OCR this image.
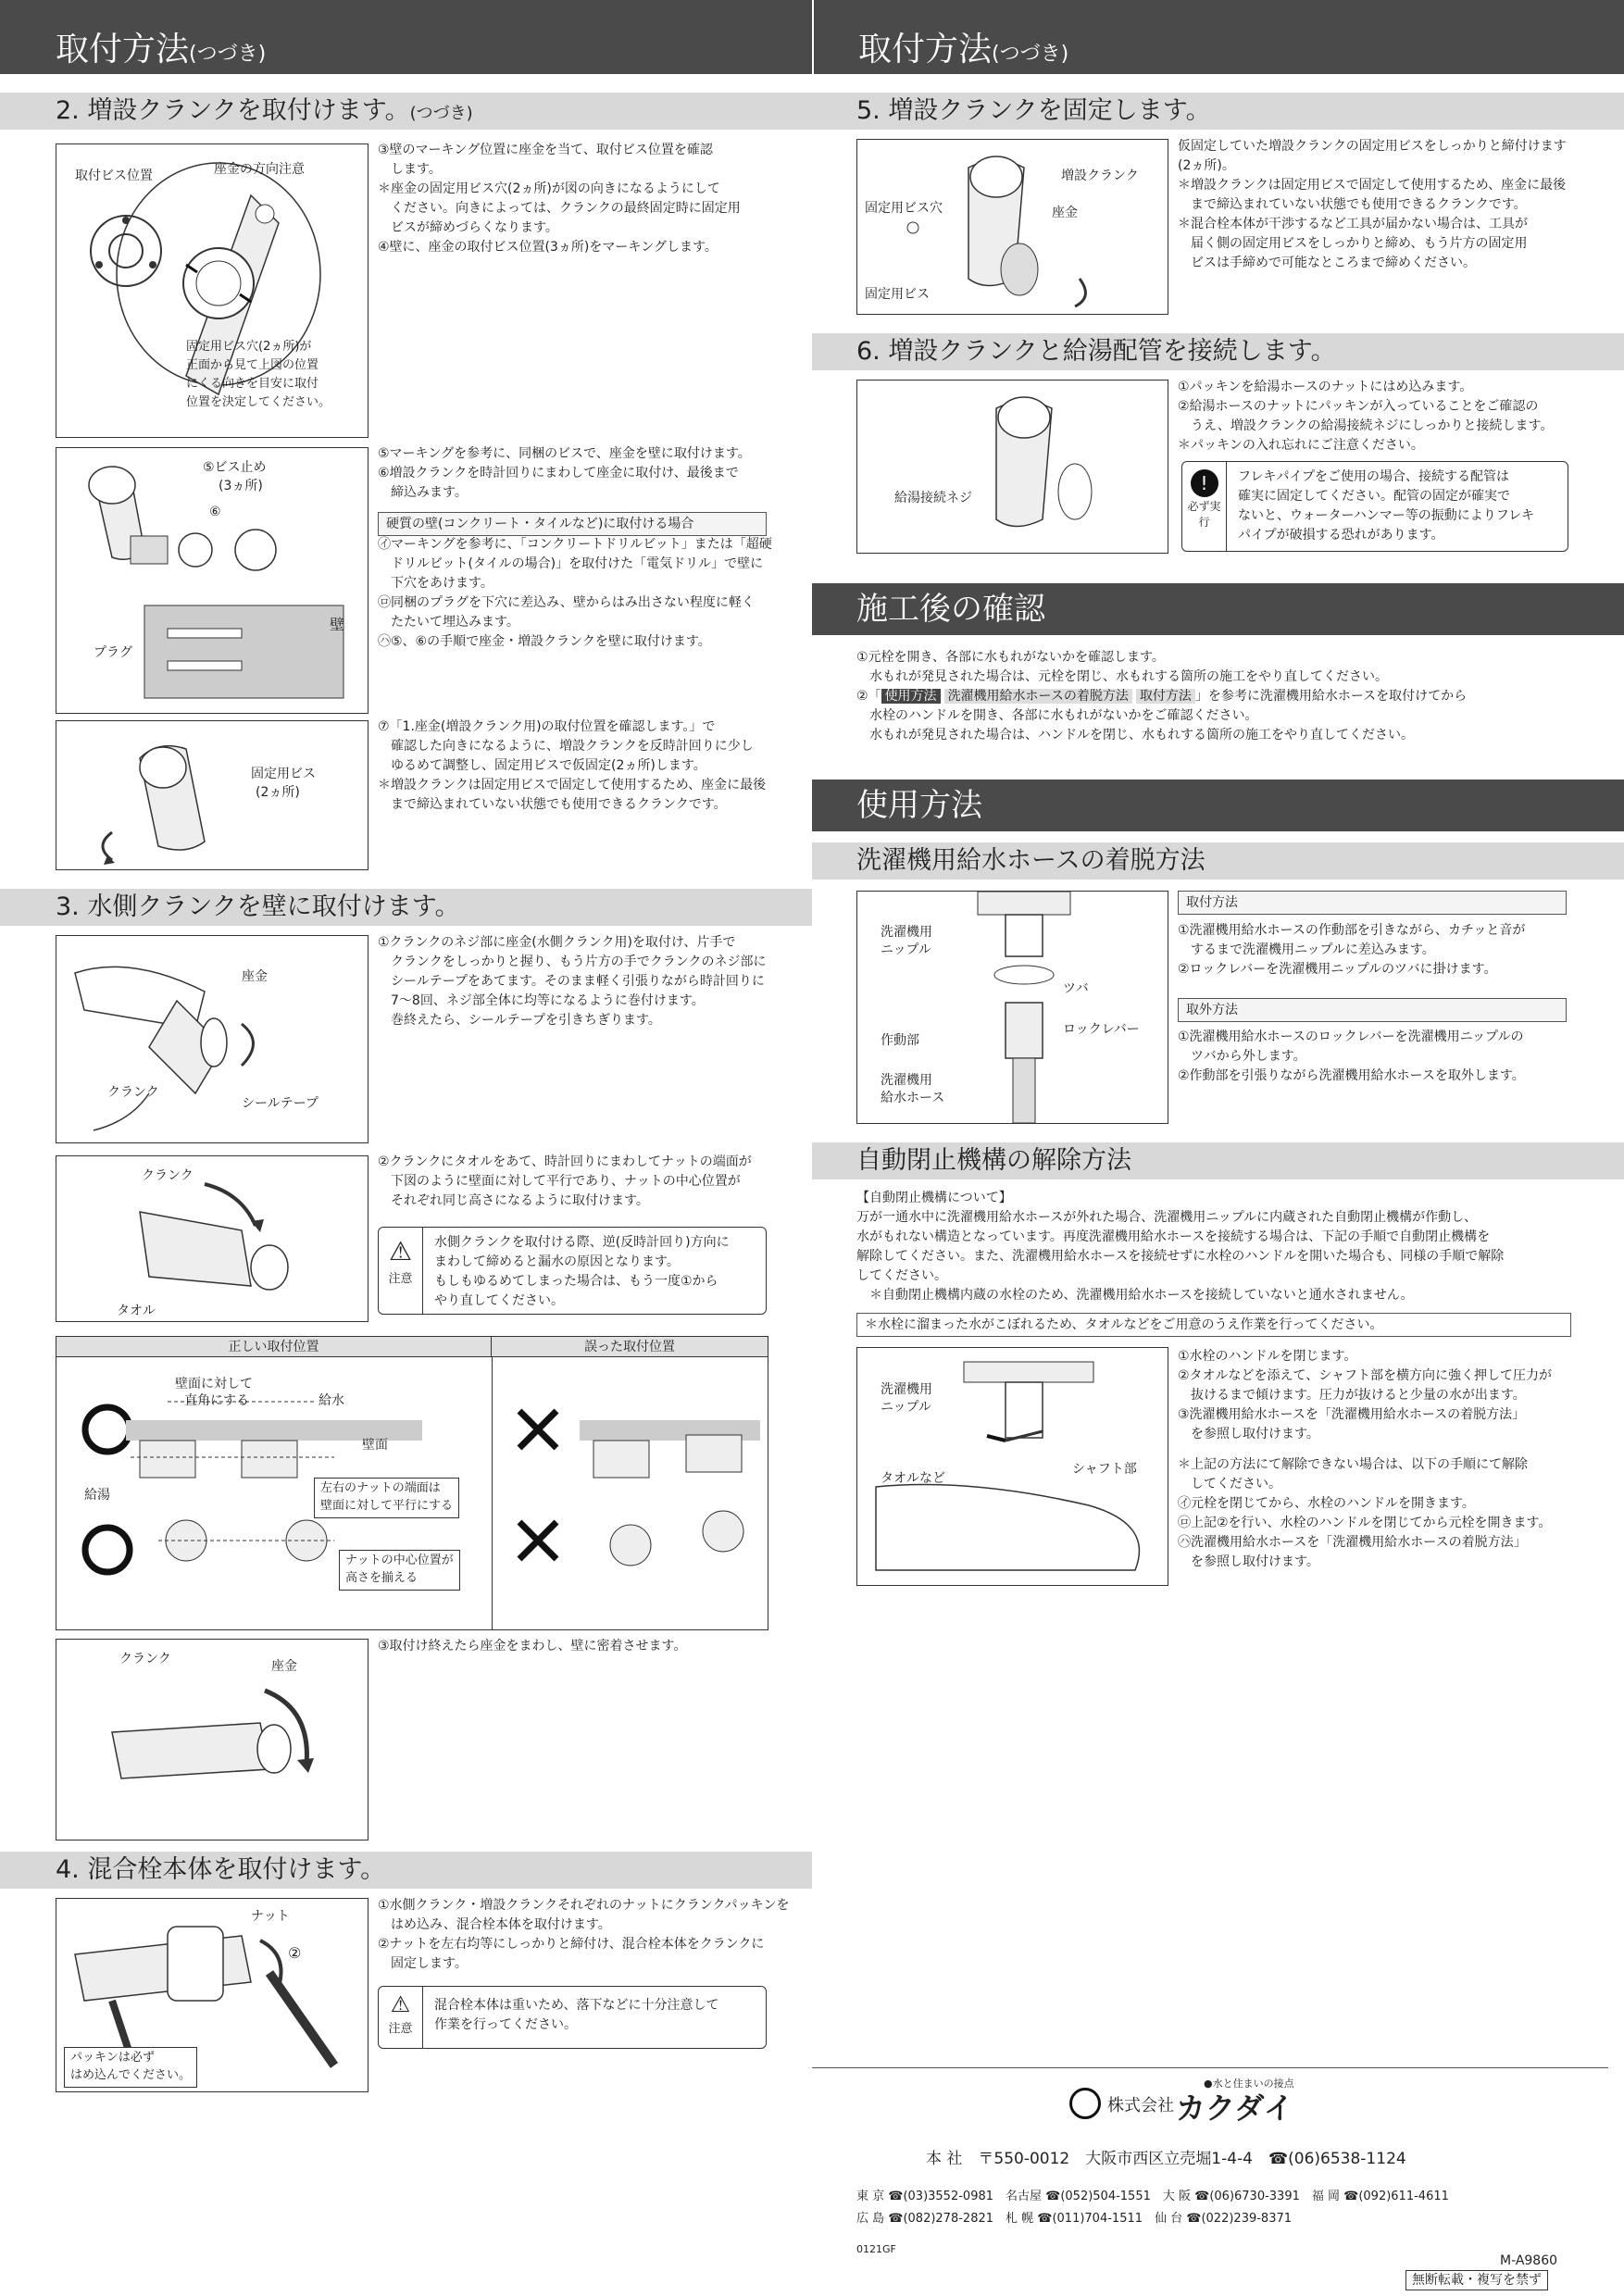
取付方法(つづき)	取付方法(つづき)
2. 増設クランクを取付けます。(つづき)
取付ビス位置	座金の方向注意
固定用ビス穴(2ヵ所)が
正面から見て上図の位置
にくる向きを目安に取付
位置を決定してください。

③壁のマーキング位置に座金を当て、取付ビス位置を確認

　します。

＊座金の固定用ビス穴(2ヵ所)が図の向きになるようにして

　ください。向きによっては、クランクの最終固定時に固定用

　ビスが締めづらくなります。

④壁に、座金の取付ビス位置(3ヵ所)をマーキングします。

⑤ビス止め
(3ヵ所)
⑥
壁
プラグ

⑤マーキングを参考に、同梱のビスで、座金を壁に取付けます。

⑥増設クランクを時計回りにまわして座金に取付け、最後まで

　締込みます。

硬質の壁(コンクリート・タイルなど)に取付ける場合

㋑マーキングを参考に、「コンクリートドリルビット」または「超硬

　ドリルビット(タイルの場合)」を取付けた「電気ドリル」で壁に

　下穴をあけます。

㋺同梱のプラグを下穴に差込み、壁からはみ出さない程度に軽く

　たたいて埋込みます。

㋩⑤、⑥の手順で座金・増設クランクを壁に取付けます。

固定用ビス
(2ヵ所)

⑦「1.座金(増設クランク用)の取付位置を確認します。」で

　確認した向きになるように、増設クランクを反時計回りに少し

　ゆるめて調整し、固定用ビスで仮固定(2ヵ所)します。

＊増設クランクは固定用ビスで固定して使用するため、座金に最後

　まで締込まれていない状態でも使用できるクランクです。

3. 水側クランクを壁に取付けます。
座金
クランク
シールテープ

①クランクのネジ部に座金(水側クランク用)を取付け、片手で

　クランクをしっかりと握り、もう片方の手でクランクのネジ部に

　シールテープをあてます。そのまま軽く引張りながら時計回りに

　7〜8回、ネジ部全体に均等になるように巻付けます。

　巻終えたら、シールテープを引きちぎります。

クランク
タオル

②クランクにタオルをあて、時計回りにまわしてナットの端面が

　下図のように壁面に対して平行であり、ナットの中心位置が

　それぞれ同じ高さになるように取付けます。

⚠
注意

水側クランクを取付ける際、逆(反時計回り)方向に

まわして締めると漏水の原因となります。

もしもゆるめてしまった場合は、もう一度①から

やり直してください。

正しい取付位置	誤った取付位置
壁面に対して
直角にする	給水
壁面
給湯	左右のナットの端面は

壁面に対して平行にする

ナットの中心位置が

高さを揃える

クランク	座金
③取付け終えたら座金をまわし、壁に密着させます。
4. 混合栓本体を取付けます。
ナット
②

パッキンは必ず

はめ込んでください。

①水側クランク・増設クランクそれぞれのナットにクランクパッキンを

　はめ込み、混合栓本体を取付けます。

②ナットを左右均等にしっかりと締付け、混合栓本体をクランクに

　固定します。

⚠
注意

混合栓本体は重いため、落下などに十分注意して

作業を行ってください。

5. 増設クランクを固定します。
増設クランク
固定用ビス穴	座金
固定用ビス

仮固定していた増設クランクの固定用ビスをしっかりと締付けます

(2ヵ所)。

＊増設クランクは固定用ビスで固定して使用するため、座金に最後

　まで締込まれていない状態でも使用できるクランクです。

＊混合栓本体が干渉するなど工具が届かない場合は、工具が

　届く側の固定用ビスをしっかりと締め、もう片方の固定用

　ビスは手締めで可能なところまで締めください。

6. 増設クランクと給湯配管を接続します。
給湯接続ネジ

①パッキンを給湯ホースのナットにはめ込みます。

②給湯ホースのナットにパッキンが入っていることをご確認の

　うえ、増設クランクの給湯接続ネジにしっかりと接続します。

＊パッキンの入れ忘れにご注意ください。

!
必ず実行

フレキパイプをご使用の場合、接続する配管は

確実に固定してください。配管の固定が確実で

ないと、ウォーターハンマー等の振動によりフレキ

パイプが破損する恐れがあります。

施工後の確認

①元栓を開き、各部に水もれがないかを確認します。

　水もれが発見された場合は、元栓を閉じ、水もれする箇所の施工をやり直してください。

②「 使用方法 洗濯機用給水ホースの着脱方法 取付方法 」を参考に洗濯機用給水ホースを取付けてから

　水栓のハンドルを開き、各部に水もれがないかをご確認ください。

　水もれが発見された場合は、ハンドルを閉じ、水もれする箇所の施工をやり直してください。

使用方法
洗濯機用給水ホースの着脱方法
洗濯機用
ニップル
ツバ
ロックレバー
作動部
洗濯機用
給水ホース
取付方法

①洗濯機用給水ホースの作動部を引きながら、カチッと音が

　するまで洗濯機用ニップルに差込みます。

②ロックレバーを洗濯機用ニップルのツバに掛けます。

取外方法

①洗濯機用給水ホースのロックレバーを洗濯機用ニップルの

　ツバから外します。

②作動部を引張りながら洗濯機用給水ホースを取外します。

自動閉止機構の解除方法

【自動閉止機構について】

万が一通水中に洗濯機用給水ホースが外れた場合、洗濯機用ニップルに内蔵された自動閉止機構が作動し、

水がもれない構造となっています。再度洗濯機用給水ホースを接続する場合は、下記の手順で自動閉止機構を

解除してください。また、洗濯機用給水ホースを接続せずに水栓のハンドルを開いた場合も、同様の手順で解除

してください。

　＊自動閉止機構内蔵の水栓のため、洗濯機用給水ホースを接続していないと通水されません。

＊水栓に溜まった水がこぼれるため、タオルなどをご用意のうえ作業を行ってください。
洗濯機用
ニップル
シャフト部
タオルなど

①水栓のハンドルを閉じます。

②タオルなどを添えて、シャフト部を横方向に強く押して圧力が

　抜けるまで傾けます。圧力が抜けると少量の水が出ます。

③洗濯機用給水ホースを「洗濯機用給水ホースの着脱方法」

　を参照し取付けます。

＊上記の方法にて解除できない場合は、以下の手順にて解除

　してください。

㋑元栓を閉じてから、水栓のハンドルを開きます。

㋺上記②を行い、水栓のハンドルを閉じてから元栓を開きます。

㋩洗濯機用給水ホースを「洗濯機用給水ホースの着脱方法」

　を参照し取付けます。

●水と住まいの接点
株式会社 カクダイ
本 社　〒550-0012　大阪市西区立売堀1-4-4　☎(06)6538-1124
東 京 ☎(03)3552-0981　名古屋 ☎(052)504-1551　大 阪 ☎(06)6730-3391　福 岡 ☎(092)611-4611
広 島 ☎(082)278-2821　札 幌 ☎(011)704-1511　仙 台 ☎(022)239-8371
0121GF
M-A9860
無断転載・複写を禁ず
